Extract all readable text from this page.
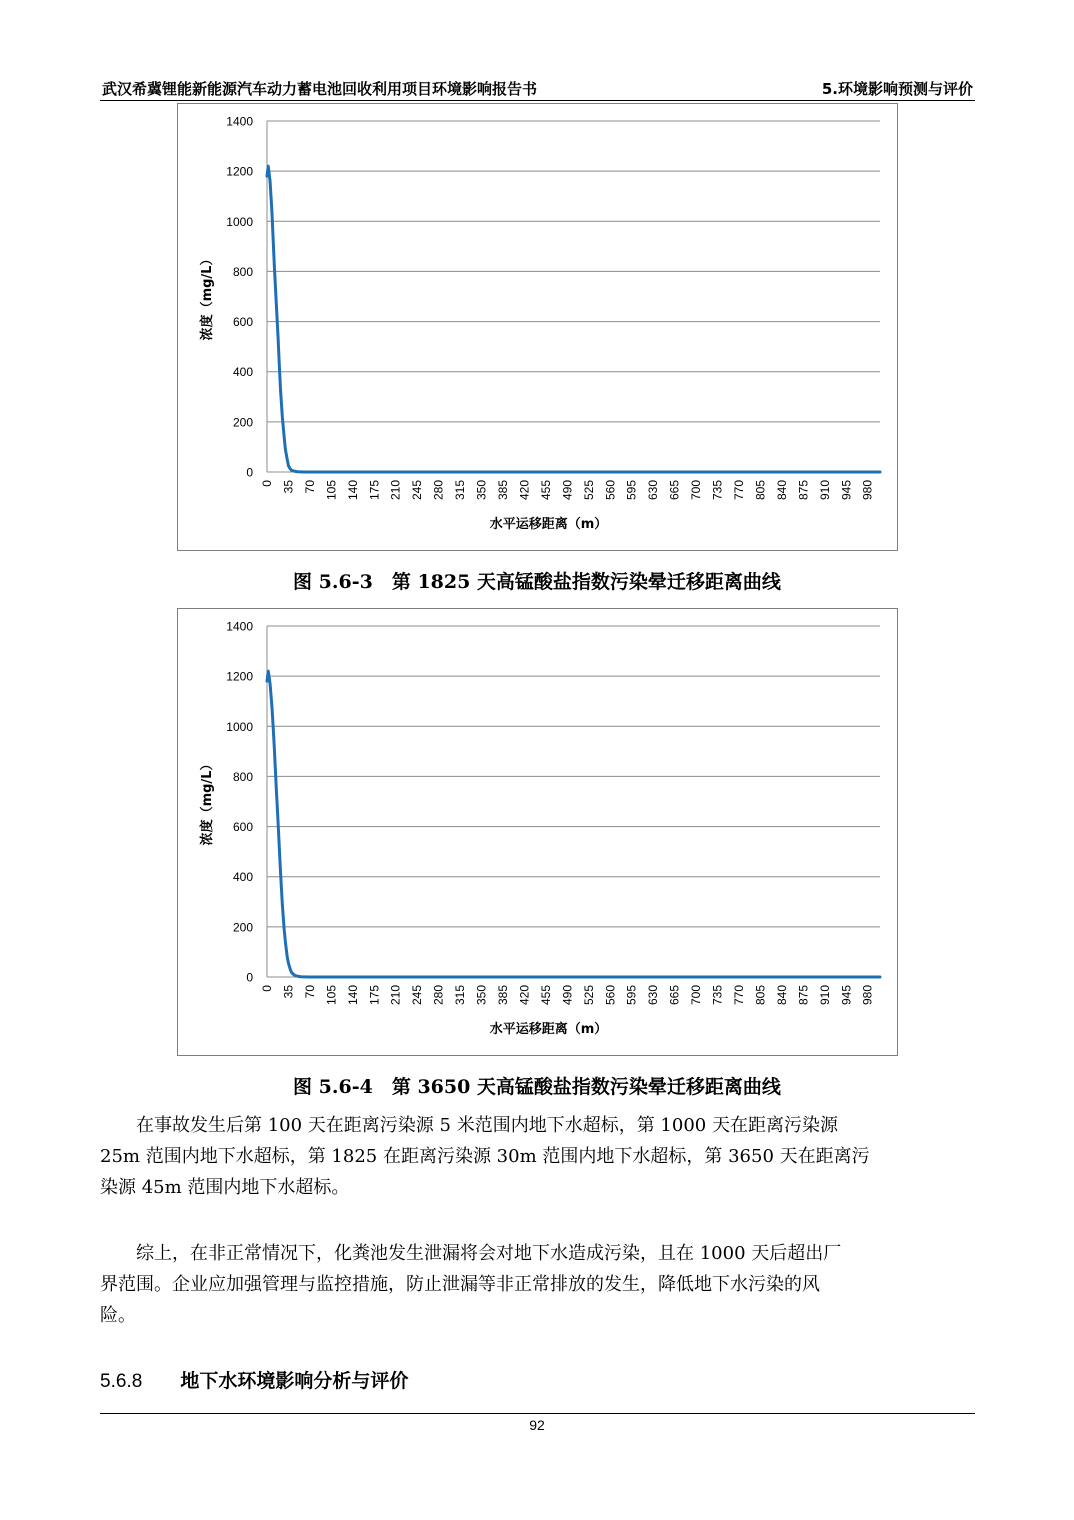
武汉希冀锂能新能源汽车动力蓄电池回收利用项目环境影响报告书	5.环境影响预测与评价
0
200
400
600
800
1000
1200
1400
0 35 70 105 140 175 210 245 280 315 350 385 420 455 490 525 560 595 630 665 700 735 770 805 840 875 910 945 980
浓度（mg/L）
水平运移距离（m）
图 5.6-3　第 1825 天高锰酸盐指数污染晕迁移距离曲线
0
200
400
600
800
1000
1200
1400
0 35 70 105 140 175 210 245 280 315 350 385 420 455 490 525 560 595 630 665 700 735 770 805 840 875 910 945 980
浓度（mg/L）
水平运移距离（m）
图 5.6-4　第 3650 天高锰酸盐指数污染晕迁移距离曲线
　　在事故发生后第 100 天在距离污染源 5 米范围内地下水超标，第 1000 天在距离污染源
25m 范围内地下水超标，第 1825 在距离污染源 30m 范围内地下水超标，第 3650 天在距离污
染源 45m 范围内地下水超标。
　　综上，在非正常情况下，化粪池发生泄漏将会对地下水造成污染，且在 1000 天后超出厂
界范围。企业应加强管理与监控措施，防止泄漏等非正常排放的发生，降低地下水污染的风
险。
5.6.8 地下水环境影响分析与评价
92
